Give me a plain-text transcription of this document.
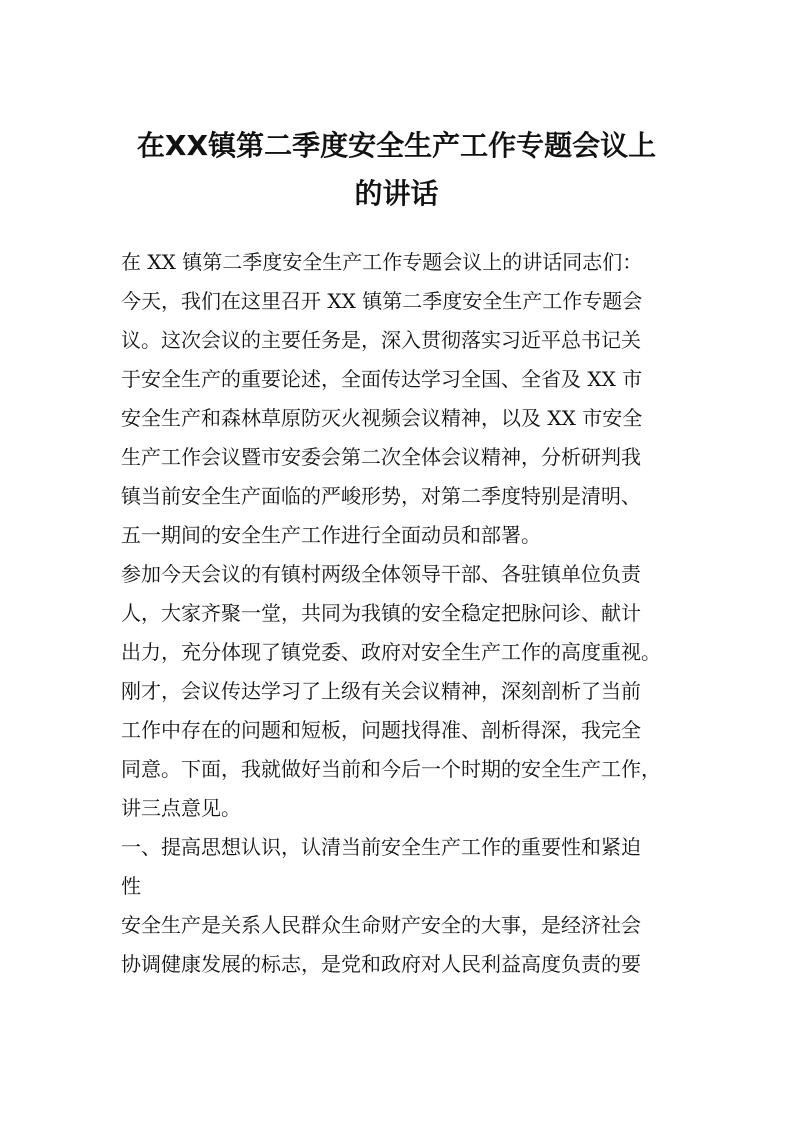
在XX镇第二季度安全生产工作专题会议上
的讲话
在 XX 镇第二季度安全生产工作专题会议上的讲话同志们：
今天，我们在这里召开 XX 镇第二季度安全生产工作专题会
议。这次会议的主要任务是，深入贯彻落实习近平总书记关
于安全生产的重要论述，全面传达学习全国、全省及 XX 市
安全生产和森林草原防灭火视频会议精神，以及 XX 市安全
生产工作会议暨市安委会第二次全体会议精神，分析研判我
镇当前安全生产面临的严峻形势，对第二季度特别是清明、
五一期间的安全生产工作进行全面动员和部署。
参加今天会议的有镇村两级全体领导干部、各驻镇单位负责
人，大家齐聚一堂，共同为我镇的安全稳定把脉问诊、献计
出力，充分体现了镇党委、政府对安全生产工作的高度重视。
刚才，会议传达学习了上级有关会议精神，深刻剖析了当前
工作中存在的问题和短板，问题找得准、剖析得深，我完全
同意。下面，我就做好当前和今后一个时期的安全生产工作，
讲三点意见。
一、提高思想认识，认清当前安全生产工作的重要性和紧迫
性
安全生产是关系人民群众生命财产安全的大事，是经济社会
协调健康发展的标志，是党和政府对人民利益高度负责的要
